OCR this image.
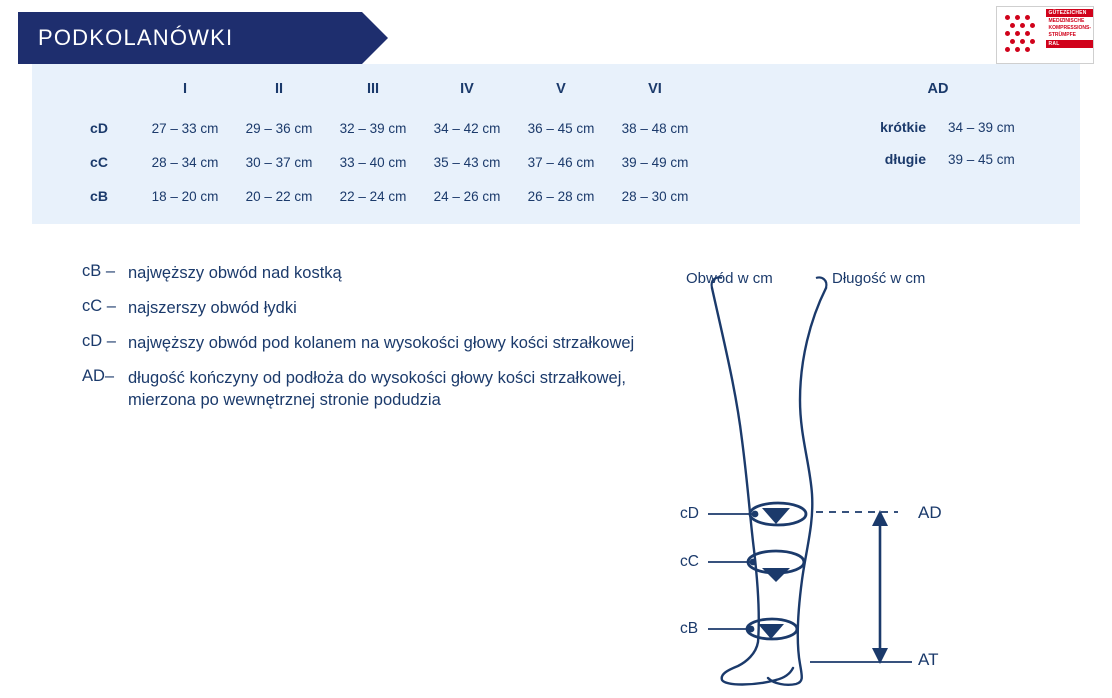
PODKOLANÓWKI
GÜTEZEICHEN
MEDIZINISCHE
KOMPRESSIONS-
STRÜMPFE
RAL
	I	II	III	IV	V	VI
cD	27 – 33 cm	29 – 36 cm	32 – 39 cm	34 – 42 cm	36 – 45 cm	38 – 48 cm
cC	28 – 34 cm	30 – 37 cm	33 – 40 cm	35 – 43 cm	37 – 46 cm	39 – 49 cm
cB	18 – 20 cm	20 – 22 cm	22 – 24 cm	24 – 26 cm	26 – 28 cm	28 – 30 cm
AD	
krótkie	34 – 39 cm
długie	39 – 45 cm
cB – najwęższy obwód nad kostką
cC – najszerszy obwód łydki
cD – najwęższy obwód pod kolanem na wysokości głowy kości strzałkowej
AD– długość kończyny od podłoża do wysokości głowy kości strzałkowej, mierzona po wewnętrznej stronie podudzia
Obwód w cm	Długość w cm
cD
cC
cB
AD
AT
